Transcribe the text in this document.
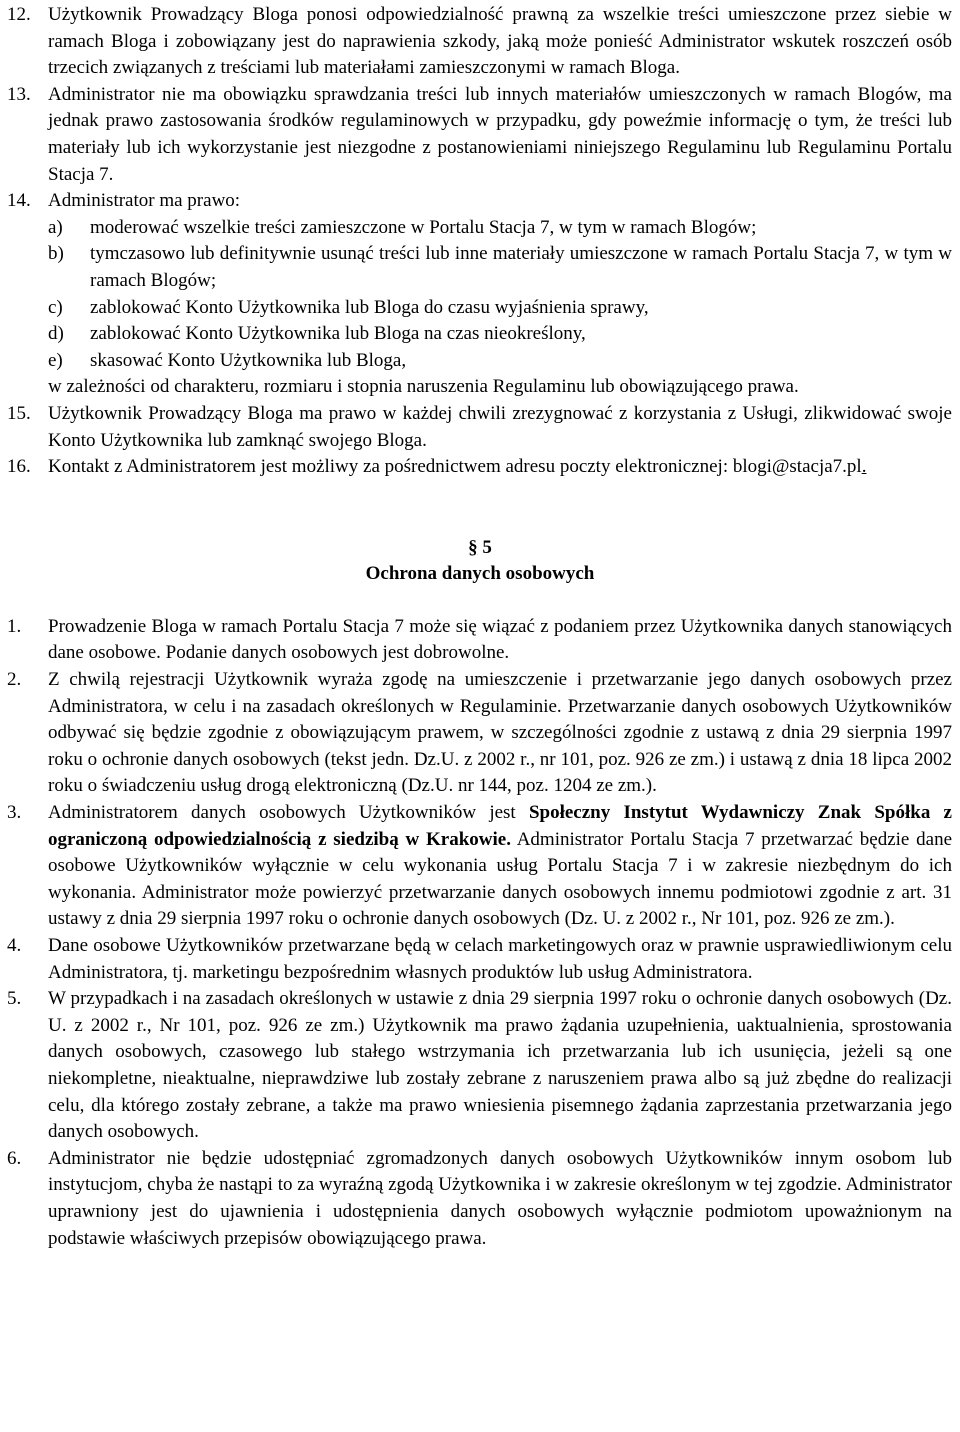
12. Użytkownik Prowadzący Bloga ponosi odpowiedzialność prawną za wszelkie treści umieszczone przez siebie w ramach Bloga i zobowiązany jest do naprawienia szkody, jaką może ponieść Administrator wskutek roszczeń osób trzecich związanych z treściami lub materiałami zamieszczonymi w ramach Bloga.
13. Administrator nie ma obowiązku sprawdzania treści lub innych materiałów umieszczonych w ramach Blogów, ma jednak prawo zastosowania środków regulaminowych w przypadku, gdy poweźmie informację o tym, że treści lub materiały lub ich wykorzystanie jest niezgodne z postanowieniami niniejszego Regulaminu lub Regulaminu Portalu Stacja 7.
14. Administrator ma prawo:
a) moderować wszelkie treści zamieszczone w Portalu Stacja 7, w tym w ramach Blogów;
b) tymczasowo lub definitywnie usunąć treści lub inne materiały umieszczone w ramach Portalu Stacja 7, w tym w ramach Blogów;
c) zablokować Konto Użytkownika lub Bloga do czasu wyjaśnienia sprawy,
d) zablokować Konto Użytkownika lub Bloga na czas nieokreślony,
e) skasować Konto Użytkownika lub Bloga,
w zależności od charakteru, rozmiaru i stopnia naruszenia Regulaminu lub obowiązującego prawa.
15. Użytkownik Prowadzący Bloga ma prawo w każdej chwili zrezygnować z korzystania z Usługi, zlikwidować swoje Konto Użytkownika lub zamknąć swojego Bloga.
16. Kontakt z Administratorem jest możliwy za pośrednictwem adresu poczty elektronicznej: blogi@stacja7.pl.
§ 5
Ochrona danych osobowych
1. Prowadzenie Bloga w ramach Portalu Stacja 7 może się wiązać z podaniem przez Użytkownika danych stanowiących dane osobowe. Podanie danych osobowych jest dobrowolne.
2. Z chwilą rejestracji Użytkownik wyraża zgodę na umieszczenie i przetwarzanie jego danych osobowych przez Administratora, w celu i na zasadach określonych w Regulaminie. Przetwarzanie danych osobowych Użytkowników odbywać się będzie zgodnie z obowiązującym prawem, w szczególności zgodnie z ustawą z dnia 29 sierpnia 1997 roku o ochronie danych osobowych (tekst jedn. Dz.U. z 2002 r., nr 101, poz. 926 ze zm.) i ustawą z dnia 18 lipca 2002 roku o świadczeniu usług drogą elektroniczną (Dz.U. nr 144, poz. 1204 ze zm.).
3. Administratorem danych osobowych Użytkowników jest Społeczny Instytut Wydawniczy Znak Spółka z ograniczoną odpowiedzialnością z siedzibą w Krakowie. Administrator Portalu Stacja 7 przetwarzać będzie dane osobowe Użytkowników wyłącznie w celu wykonania usług Portalu Stacja 7 i w zakresie niezbędnym do ich wykonania. Administrator może powierzyć przetwarzanie danych osobowych innemu podmiotowi zgodnie z art. 31 ustawy z dnia 29 sierpnia 1997 roku o ochronie danych osobowych (Dz. U. z 2002 r., Nr 101, poz. 926 ze zm.).
4. Dane osobowe Użytkowników przetwarzane będą w celach marketingowych oraz w prawnie usprawiedliwionym celu Administratora, tj. marketingu bezpośrednim własnych produktów lub usług Administratora.
5. W przypadkach i na zasadach określonych w ustawie z dnia 29 sierpnia 1997 roku o ochronie danych osobowych (Dz. U. z 2002 r., Nr 101, poz. 926 ze zm.) Użytkownik ma prawo żądania uzupełnienia, uaktualnienia, sprostowania danych osobowych, czasowego lub stałego wstrzymania ich przetwarzania lub ich usunięcia, jeżeli są one niekompletne, nieaktualne, nieprawdziwe lub zostały zebrane z naruszeniem prawa albo są już zbędne do realizacji celu, dla którego zostały zebrane, a także ma prawo wniesienia pisemnego żądania zaprzestania przetwarzania jego danych osobowych.
6. Administrator nie będzie udostępniać zgromadzonych danych osobowych Użytkowników innym osobom lub instytucjom, chyba że nastąpi to za wyraźną zgodą Użytkownika i w zakresie określonym w tej zgodzie. Administrator uprawniony jest do ujawnienia i udostępnienia danych osobowych wyłącznie podmiotom upoważnionym na podstawie właściwych przepisów obowiązującego prawa.
